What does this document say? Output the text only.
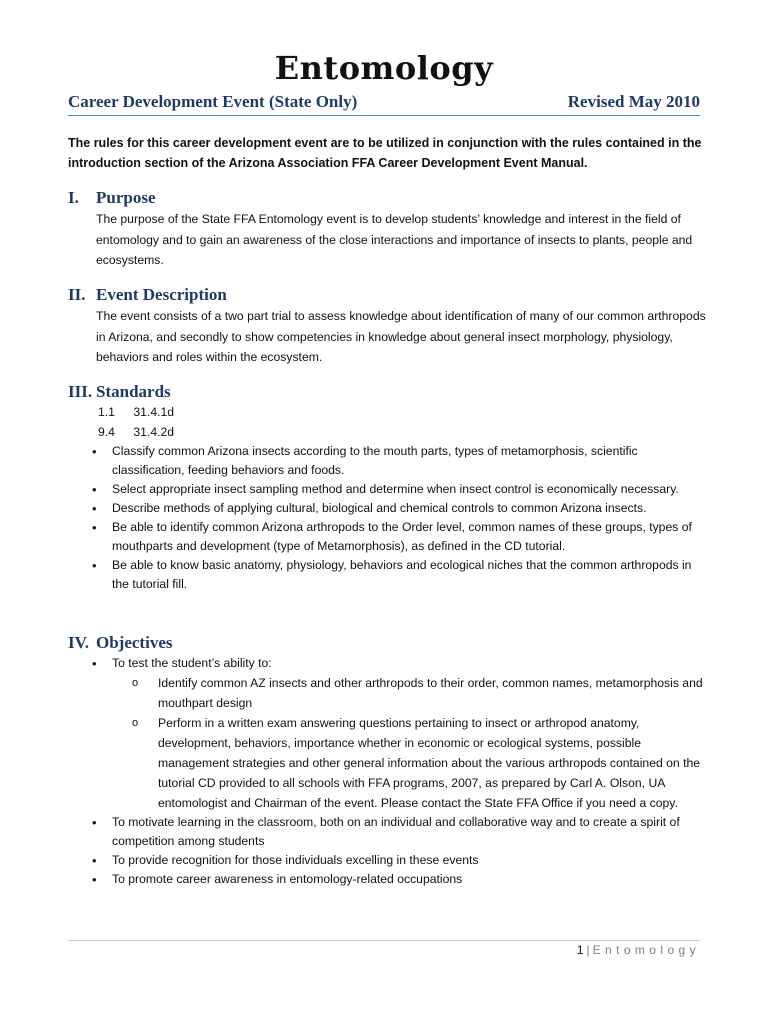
Entomology
Career Development Event (State Only)	Revised May 2010
The rules for this career development event are to be utilized in conjunction with the rules contained in the introduction section of the Arizona Association FFA Career Development Event Manual.
I.	Purpose
The purpose of the State FFA Entomology event is to develop students’ knowledge and interest in the field of entomology and to gain an awareness of the close interactions and importance of insects to plants, people and ecosystems.
II. Event Description
The event consists of a two part trial to assess knowledge about identification of many of our common arthropods in Arizona, and secondly to show competencies in knowledge about general insect morphology, physiology, behaviors and roles within the ecosystem.
III. Standards
1.1 31.4.1d
9.4 31.4.2d
• Classify common Arizona insects according to the mouth parts, types of metamorphosis, scientific classification, feeding behaviors and foods.
• Select appropriate insect sampling method and determine when insect control is economically necessary.
• Describe methods of applying cultural, biological and chemical controls to common Arizona insects.
• Be able to identify common Arizona arthropods to the Order level, common names of these groups, types of mouthparts and development (type of Metamorphosis), as defined in the CD tutorial.
• Be able to know basic anatomy, physiology, behaviors and ecological niches that the common arthropods in the tutorial fill.
IV. Objectives
• To test the student’s ability to:
o Identify common AZ insects and other arthropods to their order, common names, metamorphosis and mouthpart design
o Perform in a written exam answering questions pertaining to insect or arthropod anatomy, development, behaviors, importance whether in economic or ecological systems, possible management strategies and other general information about the various arthropods contained on the tutorial CD provided to all schools with FFA programs, 2007, as prepared by Carl A. Olson, UA entomologist and Chairman of the event. Please contact the State FFA Office if you need a copy.
• To motivate learning in the classroom, both on an individual and collaborative way and to create a spirit of competition among students
• To provide recognition for those individuals excelling in these events
• To promote career awareness in entomology-related occupations
1 | Entomology
